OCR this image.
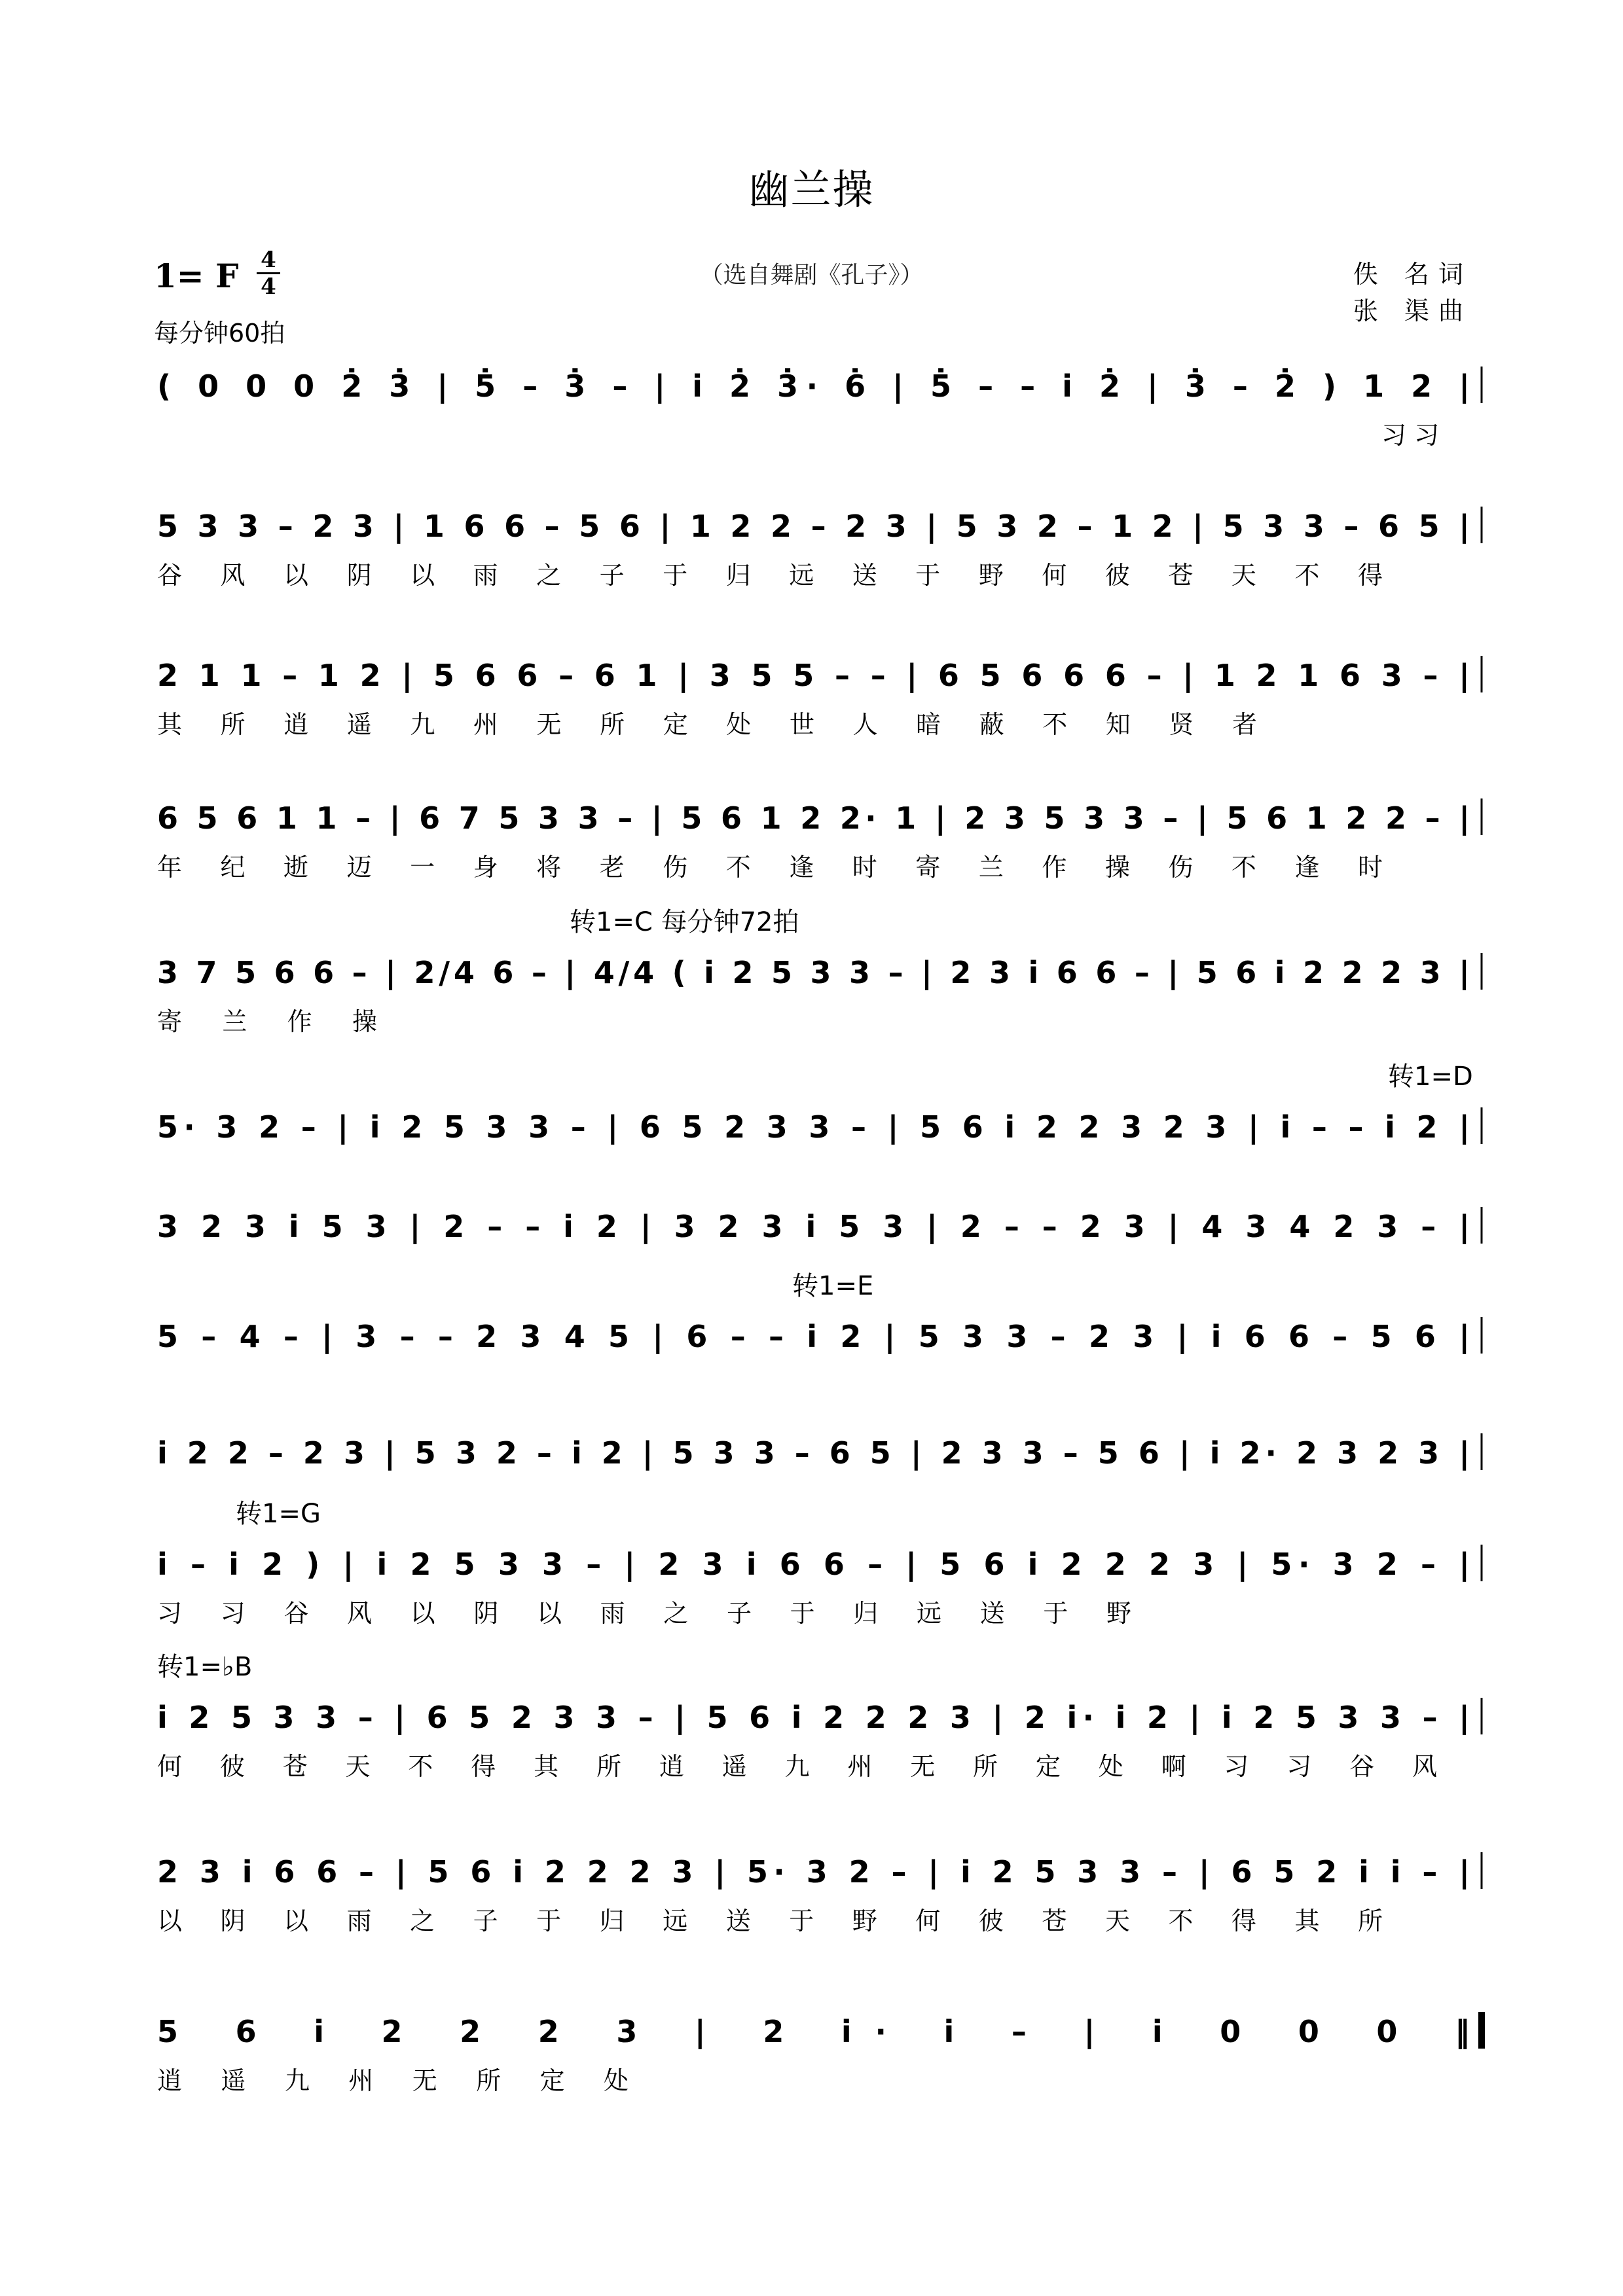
幽兰操
1= F 4
4	（选自舞剧《孔子》）	佚 名词
张 渠曲
每分钟60拍
( 0 0 0 2̇ 3̇ | 5̇ – 3̇ – | i 2̇ 3̇· 6̇ | 5̇ – – i 2̇ | 3̇ – 2̇ ) 1 2 |
习 习
5 3 3 – 2 3 | 1 6 6 – 5 6 | 1 2 2 – 2 3 | 5 3 2 – 1 2 | 5 3 3 – 6 5 |
谷 风 以 阴 以 雨 之 子 于 归 远 送 于 野 何 彼 苍 天 不 得
2 1 1 – 1 2 | 5 6 6 – 6 1 | 3 5 5 – – | 6 5 6 6 6 – | 1 2 1 6 3 – |
其 所 逍 遥 九 州 无 所 定 处 世 人 暗 蔽 不 知 贤 者
6 5 6 1 1 – | 6 7 5 3 3 – | 5 6 1 2 2· 1 | 2 3 5 3 3 – | 5 6 1 2 2 – |
年 纪 逝 迈 一 身 将 老 伤 不 逢 时 寄 兰 作 操 伤 不 逢 时
3 7 5 6 6 – | 2/4 6 – | 4/4 ( i 2 5 3 3 – | 2 3 i 6 6 – | 5 6 i 2 2 2 3 |
寄 兰 作 操
转1=C 每分钟72拍
5· 3 2 – | i 2 5 3 3 – | 6 5 2 3 3 – | 5 6 i 2 2 3 2 3 | i – – i 2 |
转1=D
3 2 3 i 5 3 | 2 – – i 2 | 3 2 3 i 5 3 | 2 – – 2 3 | 4 3 4 2 3 – |
5 – 4 – | 3 – – 2 3 4 5 | 6 – – i 2 | 5 3 3 – 2 3 | i 6 6 – 5 6 |
转1=E
i 2 2 – 2 3 | 5 3 2 – i 2 | 5 3 3 – 6 5 | 2 3 3 – 5 6 | i 2· 2 3 2 3 |
i – i 2 ) | i 2 5 3 3 – | 2 3 i 6 6 – | 5 6 i 2 2 2 3 | 5· 3 2 – |
习 习 谷 风 以 阴 以 雨 之 子 于 归 远 送 于 野
转1=G
i 2 5 3 3 – | 6 5 2 3 3 – | 5 6 i 2 2 2 3 | 2 i· i 2 | i 2 5 3 3 – |
何 彼 苍 天 不 得 其 所 逍 遥 九 州 无 所 定 处 啊 习 习 谷 风
转1=♭B
2 3 i 6 6 – | 5 6 i 2 2 2 3 | 5· 3 2 – | i 2 5 3 3 – | 6 5 2 i i – |
以 阴 以 雨 之 子 于 归 远 送 于 野 何 彼 苍 天 不 得 其 所
5 6 i 2 2 2 3 | 2 i· i – | i 0 0 0 ‖
逍 遥 九 州 无 所 定 处
